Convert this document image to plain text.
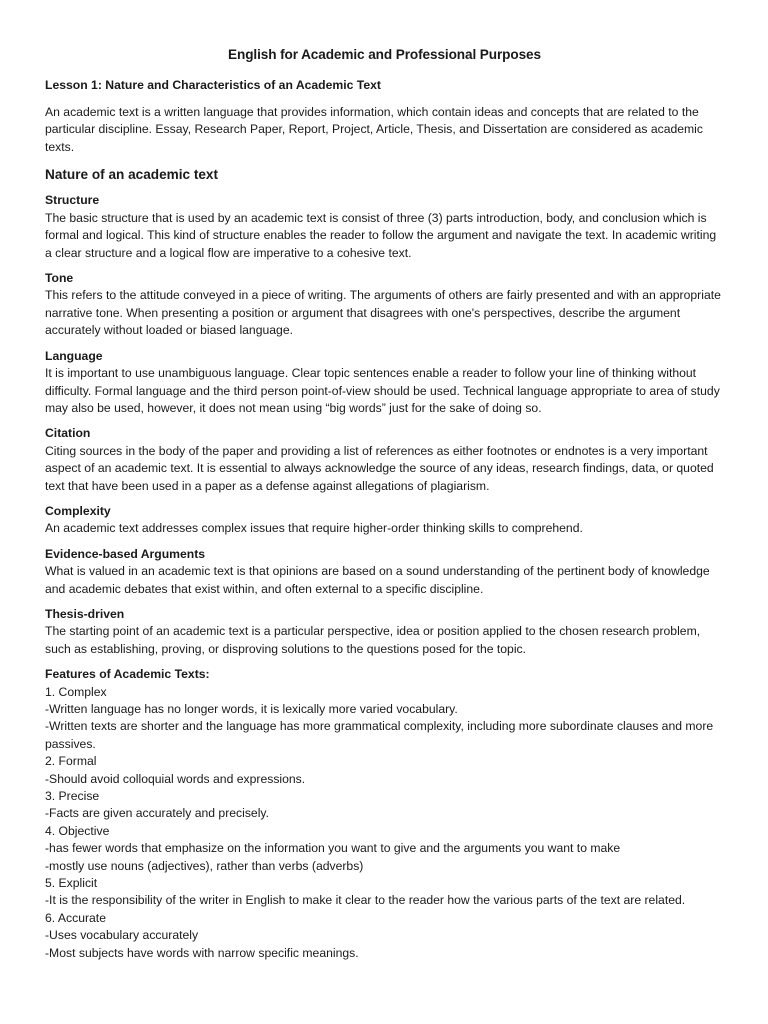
English for Academic and Professional Purposes
Lesson 1: Nature and Characteristics of an Academic Text

An academic text is a written language that provides information, which contain ideas and concepts that are related to the particular discipline. Essay, Research Paper, Report, Project, Article, Thesis, and Dissertation are considered as academic texts.

Nature of an academic text
Structure

The basic structure that is used by an academic text is consist of three (3) parts introduction, body, and conclusion which is formal and logical. This kind of structure enables the reader to follow the argument and navigate the text. In academic writing a clear structure and a logical flow are imperative to a cohesive text.

Tone

This refers to the attitude conveyed in a piece of writing. The arguments of others are fairly presented and with an appropriate narrative tone. When presenting a position or argument that disagrees with one's perspectives, describe the argument accurately without loaded or biased language.

Language

It is important to use unambiguous language. Clear topic sentences enable a reader to follow your line of thinking without difficulty. Formal language and the third person point-of-view should be used. Technical language appropriate to area of study may also be used, however, it does not mean using “big words” just for the sake of doing so.

Citation

Citing sources in the body of the paper and providing a list of references as either footnotes or endnotes is a very important aspect of an academic text. It is essential to always acknowledge the source of any ideas, research findings, data, or quoted text that have been used in a paper as a defense against allegations of plagiarism.

Complexity

An academic text addresses complex issues that require higher-order thinking skills to comprehend.

Evidence-based Arguments

What is valued in an academic text is that opinions are based on a sound understanding of the pertinent body of knowledge and academic debates that exist within, and often external to a specific discipline.

Thesis-driven

The starting point of an academic text is a particular perspective, idea or position applied to the chosen research problem, such as establishing, proving, or disproving solutions to the questions posed for the topic.

Features of Academic Texts:
1. Complex
-Written language has no longer words, it is lexically more varied vocabulary.
-Written texts are shorter and the language has more grammatical complexity, including more subordinate clauses and more passives.
2. Formal
-Should avoid colloquial words and expressions.
3. Precise
-Facts are given accurately and precisely.
4. Objective
-has fewer words that emphasize on the information you want to give and the arguments you want to make
-mostly use nouns (adjectives), rather than verbs (adverbs)
5. Explicit
-It is the responsibility of the writer in English to make it clear to the reader how the various parts of the text are related.
6. Accurate
-Uses vocabulary accurately
-Most subjects have words with narrow specific meanings.
